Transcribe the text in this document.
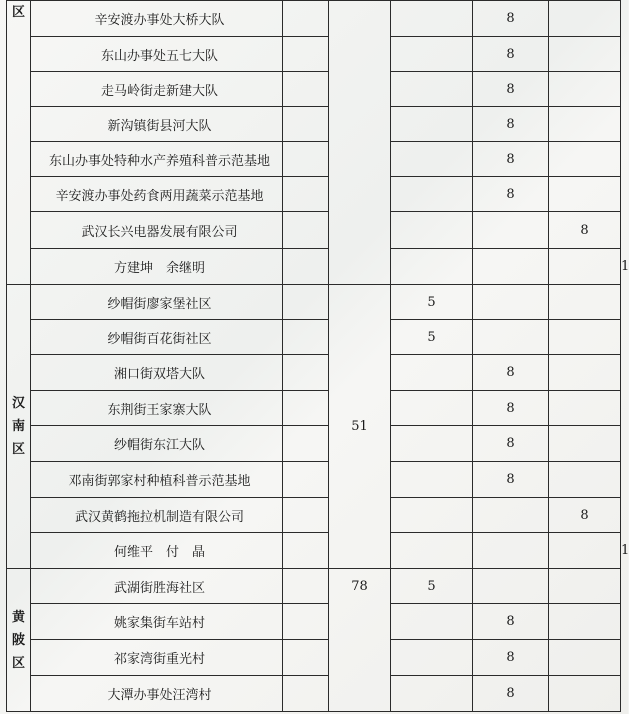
区	辛安渡办事处大桥大队				8		
	东山办事处五七大队				8		
	走马岭街走新建大队				8		
	新沟镇街县河大队				8		
	东山办事处特种水产养殖科普示范基地				8		
	辛安渡办事处药食两用蔬菜示范基地				8		
	武汉长兴电器发展有限公司					8	
	方建坤　余继明						1

汉
南
区	纱帽街廖家堡社区		51	5			
	纱帽街百花街社区			5			
	湘口街双塔大队				8		
	东荆街王家寨大队				8		
	纱帽街东江大队				8		
	邓南街郭家村种植科普示范基地				8		
	武汉黄鹤拖拉机制造有限公司					8	
	何维平　付　晶						1

黄
陂
区	武湖街胜海社区		78	5			
	姚家集街车站村				8		
	祁家湾街重光村				8		
	大潭办事处汪湾村				8		
